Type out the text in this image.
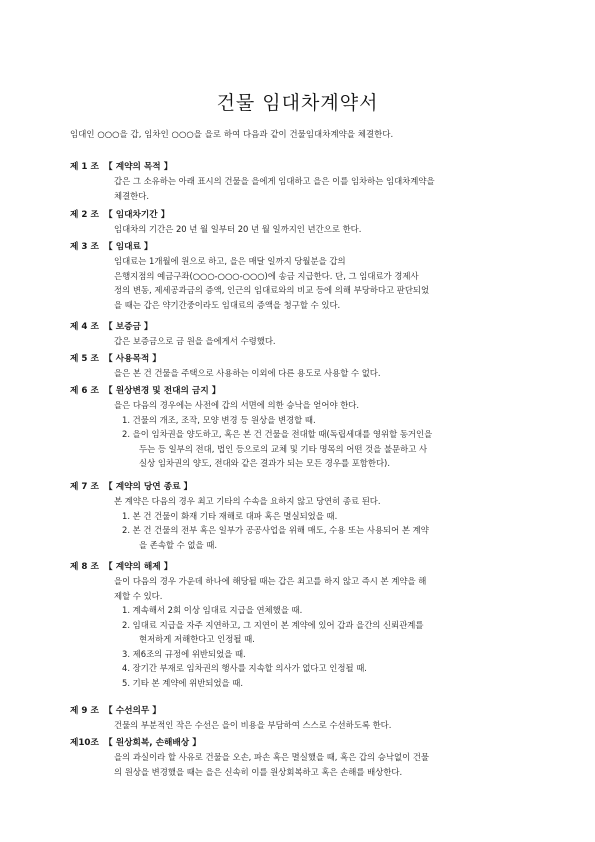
건물 임대차계약서
임대인 ○○○을 갑, 임차인 ○○○을 을로 하여 다음과 같이 건물임대차계약을 체결한다.
제 1 조 【 계약의 목적 】
갑은 그 소유하는 아래 표시의 건물을 을에게 임대하고 을은 이를 임차하는 임대차계약을
체결한다.
제 2 조 【 임대차기간 】
임대차의 기간은 20 년 월 일부터 20 년 월 일까지인 년간으로 한다.
제 3 조 【 임대료 】
임대료는 1개월에 원으로 하고, 을은 매달 일까지 당월분을 갑의
은행지점의 예금구좌(○○○-○○○-○○○)에 송금 지급한다. 단, 그 임대료가 경제사
정의 변동, 제세공과금의 증액, 인근의 임대료와의 비교 등에 의해 부당하다고 판단되었
을 때는 갑은 약기간중이라도 임대료의 증액을 청구할 수 있다.
제 4 조 【 보증금 】
갑은 보증금으로 금 원을 을에게서 수령했다.
제 5 조 【 사용목적 】
을은 본 건 건물을 주택으로 사용하는 이외에 다른 용도로 사용할 수 없다.
제 6 조 【 원상변경 및 전대의 금지 】
을은 다음의 경우에는 사전에 갑의 서면에 의한 승낙을 얻어야 한다.
1. 건물의 개조, 조작, 모양 변경 등 원상을 변경할 때.
2. 을이 임차권을 양도하고, 혹은 본 건 건물을 전대할 때(독립세대를 영위할 동거인을
두는 등 일부의 전대, 법인 등으로의 교체 및 기타 명목의 어떤 것을 불문하고 사
실상 임차권의 양도, 전대와 같은 결과가 되는 모든 경우를 포함한다).
제 7 조 【 계약의 당연 종료 】
본 계약은 다음의 경우 최고 기타의 수속을 요하지 않고 당연히 종료 된다.
1. 본 건 건물이 화재 기타 재해로 대파 혹은 멸실되었을 때.
2. 본 건 건물의 전부 혹은 일부가 공공사업을 위해 매도, 수용 또는 사용되어 본 계약
을 존속할 수 없을 때.
제 8 조 【 계약의 해제 】
을이 다음의 경우 가운데 하나에 해당될 때는 갑은 최고를 하지 않고 즉시 본 계약을 해
제할 수 있다.
1. 계속해서 2회 이상 임대료 지급을 연체했을 때.
2. 임대료 지급을 자주 지연하고, 그 지연이 본 계약에 있어 갑과 을간의 신뢰관계를
현저하게 저해한다고 인정될 때.
3. 제6조의 규정에 위반되었을 때.
4. 장기간 부재로 임차권의 행사를 지속할 의사가 없다고 인정될 때.
5. 기타 본 계약에 위반되었을 때.
제 9 조 【 수선의무 】
건물의 부분적인 작은 수선은 을이 비용을 부담하여 스스로 수선하도록 한다.
제10조 【 원상회복, 손해배상 】
을의 과실이라 할 사유로 건물을 오손, 파손 혹은 멸실했을 때, 혹은 갑의 승낙없이 건물
의 원상을 변경했을 때는 을은 신속히 이를 원상회복하고 혹은 손해를 배상한다.
